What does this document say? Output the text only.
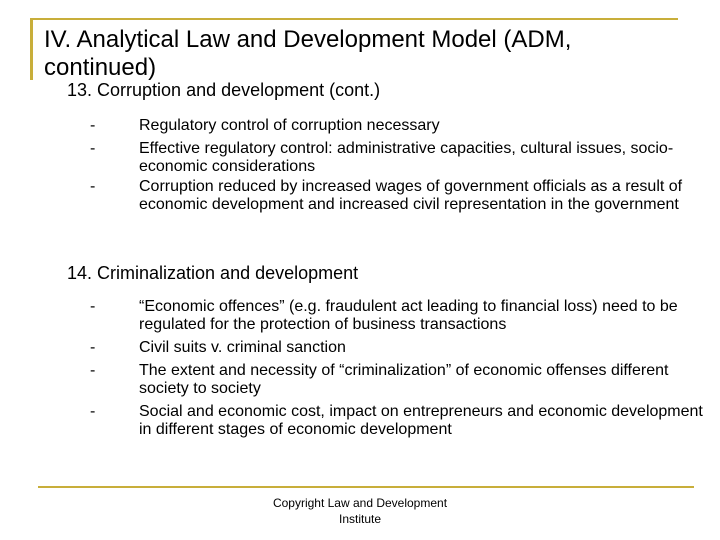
IV. Analytical Law and Development Model (ADM, continued)
13. Corruption and development (cont.)
-	Regulatory control of corruption necessary
-	Effective regulatory control: administrative capacities, cultural issues, socio-economic considerations
-	Corruption reduced by increased wages of government officials as a result of economic development and increased civil representation in the government
14. Criminalization and development
-	“Economic offences” (e.g. fraudulent act leading to financial loss) need to be regulated for the protection of business transactions
-	Civil suits v. criminal sanction
-	The extent and necessity of “criminalization” of economic offenses different society to society
-	Social and economic cost, impact on entrepreneurs and economic development in different stages of economic development
Copyright Law and Development
Institute
